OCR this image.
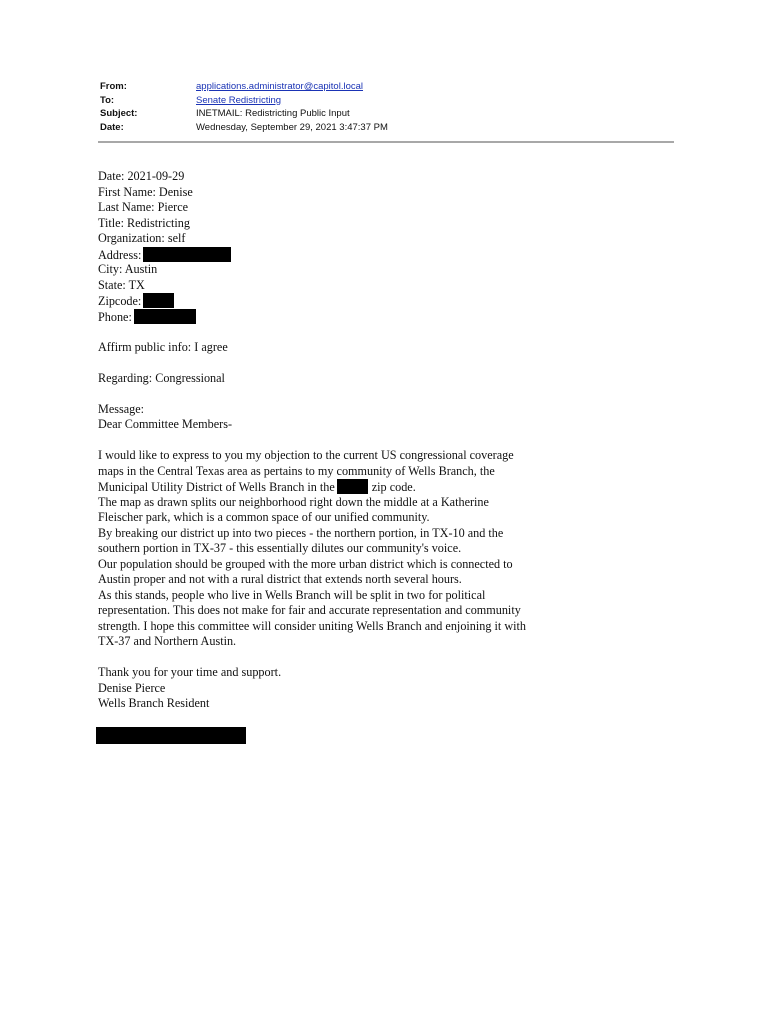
From:	applications.administrator@capitol.local
To:	Senate Redistricting
Subject:	INETMAIL: Redistricting Public Input
Date:	Wednesday, September 29, 2021 3:47:37 PM
Date: 2021-09-29
First Name: Denise
Last Name: Pierce
Title: Redistricting
Organization: self
Address:
City: Austin
State: TX
Zipcode:
Phone:
Affirm public info: I agree
Regarding: Congressional
Message:
Dear Committee Members-
I would like to express to you my objection to the current US congressional coverage
maps in the Central Texas area as pertains to my community of Wells Branch, the
Municipal Utility District of Wells Branch in the	zip code.
The map as drawn splits our neighborhood right down the middle at a Katherine
Fleischer park, which is a common space of our unified community.
By breaking our district up into two pieces - the northern portion, in TX-10 and the
southern portion in TX-37 - this essentially dilutes our community's voice.
Our population should be grouped with the more urban district which is connected to
Austin proper and not with a rural district that extends north several hours.
As this stands, people who live in Wells Branch will be split in two for political
representation. This does not make for fair and accurate representation and community
strength. I hope this committee will consider uniting Wells Branch and enjoining it with
TX-37 and Northern Austin.
Thank you for your time and support.
Denise Pierce
Wells Branch Resident
